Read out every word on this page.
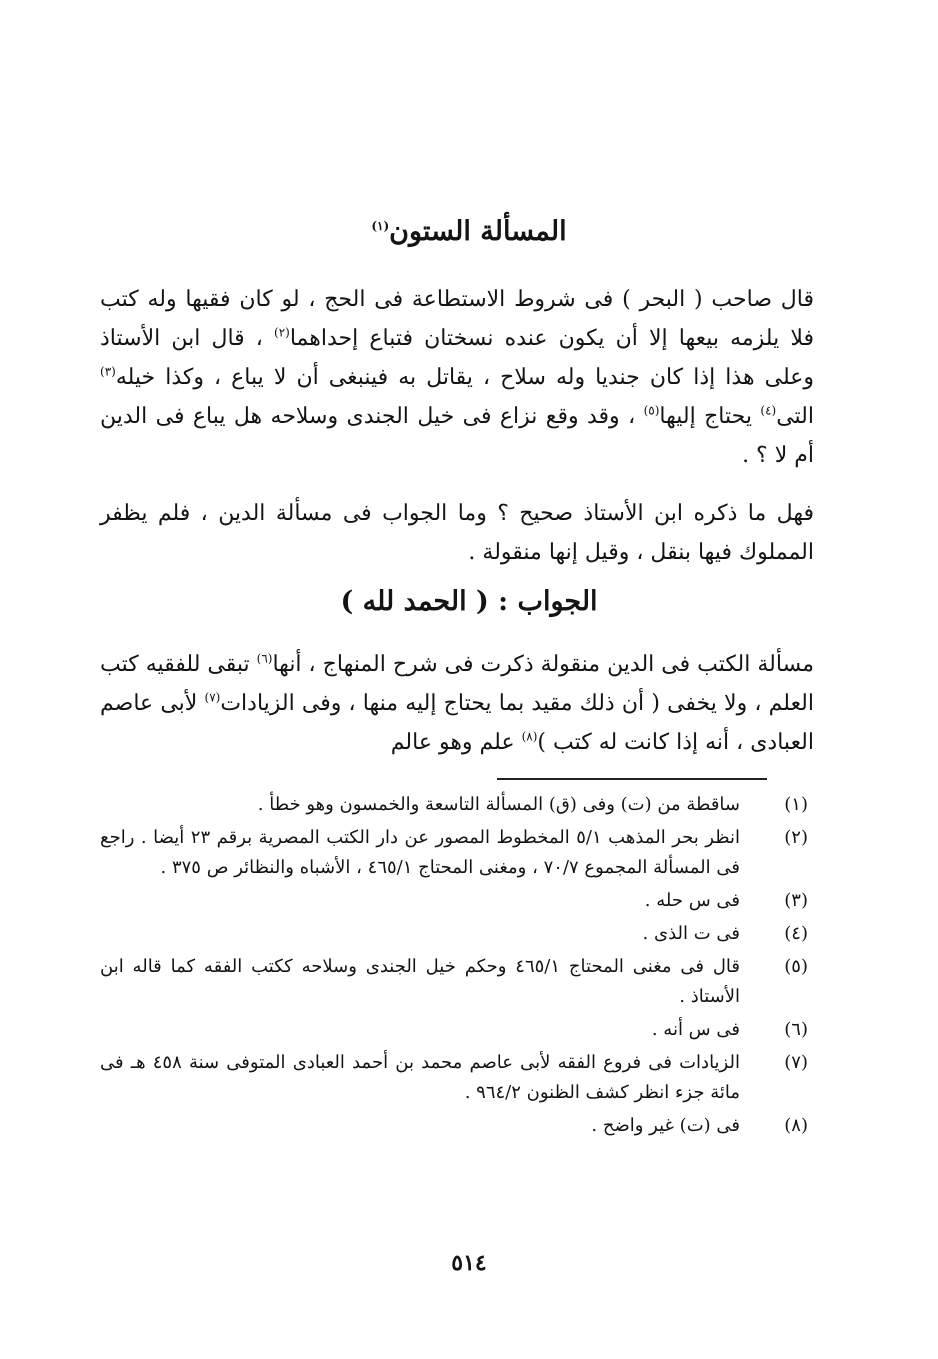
المسألة الستون$^{(١)}$
قال صاحب ( البحر ) فى شروط الاستطاعة فى الحج ، لو كان فقيها وله كتب فلا يلزمه بيعها إلا أن يكون عنده نسختان فتباع إحداهما$^{(٢)}$ ، قال ابن الأستاذ وعلى هذا إذا كان جنديا وله سلاح ، يقاتل به فينبغى أن لا يباع ، وكذا خيله$^{(٣)}$ التى$^{(٤)}$ يحتاج إليها$^{(٥)}$ ، وقد وقع نزاع فى خيل الجندى وسلاحه هل يباع فى الدين أم لا ؟ .
فهل ما ذكره ابن الأستاذ صحيح ؟ وما الجواب فى مسألة الدين ، فلم يظفر المملوك فيها بنقل ، وقيل إنها منقولة .
الجواب : ( الحمد لله )
مسألة الكتب فى الدين منقولة ذكرت فى شرح المنهاج ، أنها$^{(٦)}$ تبقى للفقيه كتب العلم ، ولا يخفى ( أن ذلك مقيد بما يحتاج إليه منها ، وفى الزيادات$^{(٧)}$ لأبى عاصم العبادى ، أنه إذا كانت له كتب )$^{(٨)}$ علم وهو عالم
(١)
ساقطة من (ت) وفى (ق) المسألة التاسعة والخمسون وهو خطأ .
(٢)
انظر بحر المذهب ٥/١ المخطوط المصور عن دار الكتب المصرية برقم ٢٣ أيضا . راجع فى المسألة المجموع ٧٠/٧ ، ومغنى المحتاج ٤٦٥/١ ، الأشباه والنظائر ص ٣٧٥ .
(٣)
فى س حله .
(٤)
فى ت الذى .
(٥)
قال فى مغنى المحتاج ٤٦٥/١ وحكم خيل الجندى وسلاحه ككتب الفقه كما قاله ابن الأستاذ .
(٦)
فى س أنه .
(٧)
الزيادات فى فروع الفقه لأبى عاصم محمد بن أحمد العبادى المتوفى سنة ٤٥٨ هـ فى مائة جزء انظر كشف الظنون ٩٦٤/٢ .
(٨)
فى (ت) غير واضح .
٥١٤
